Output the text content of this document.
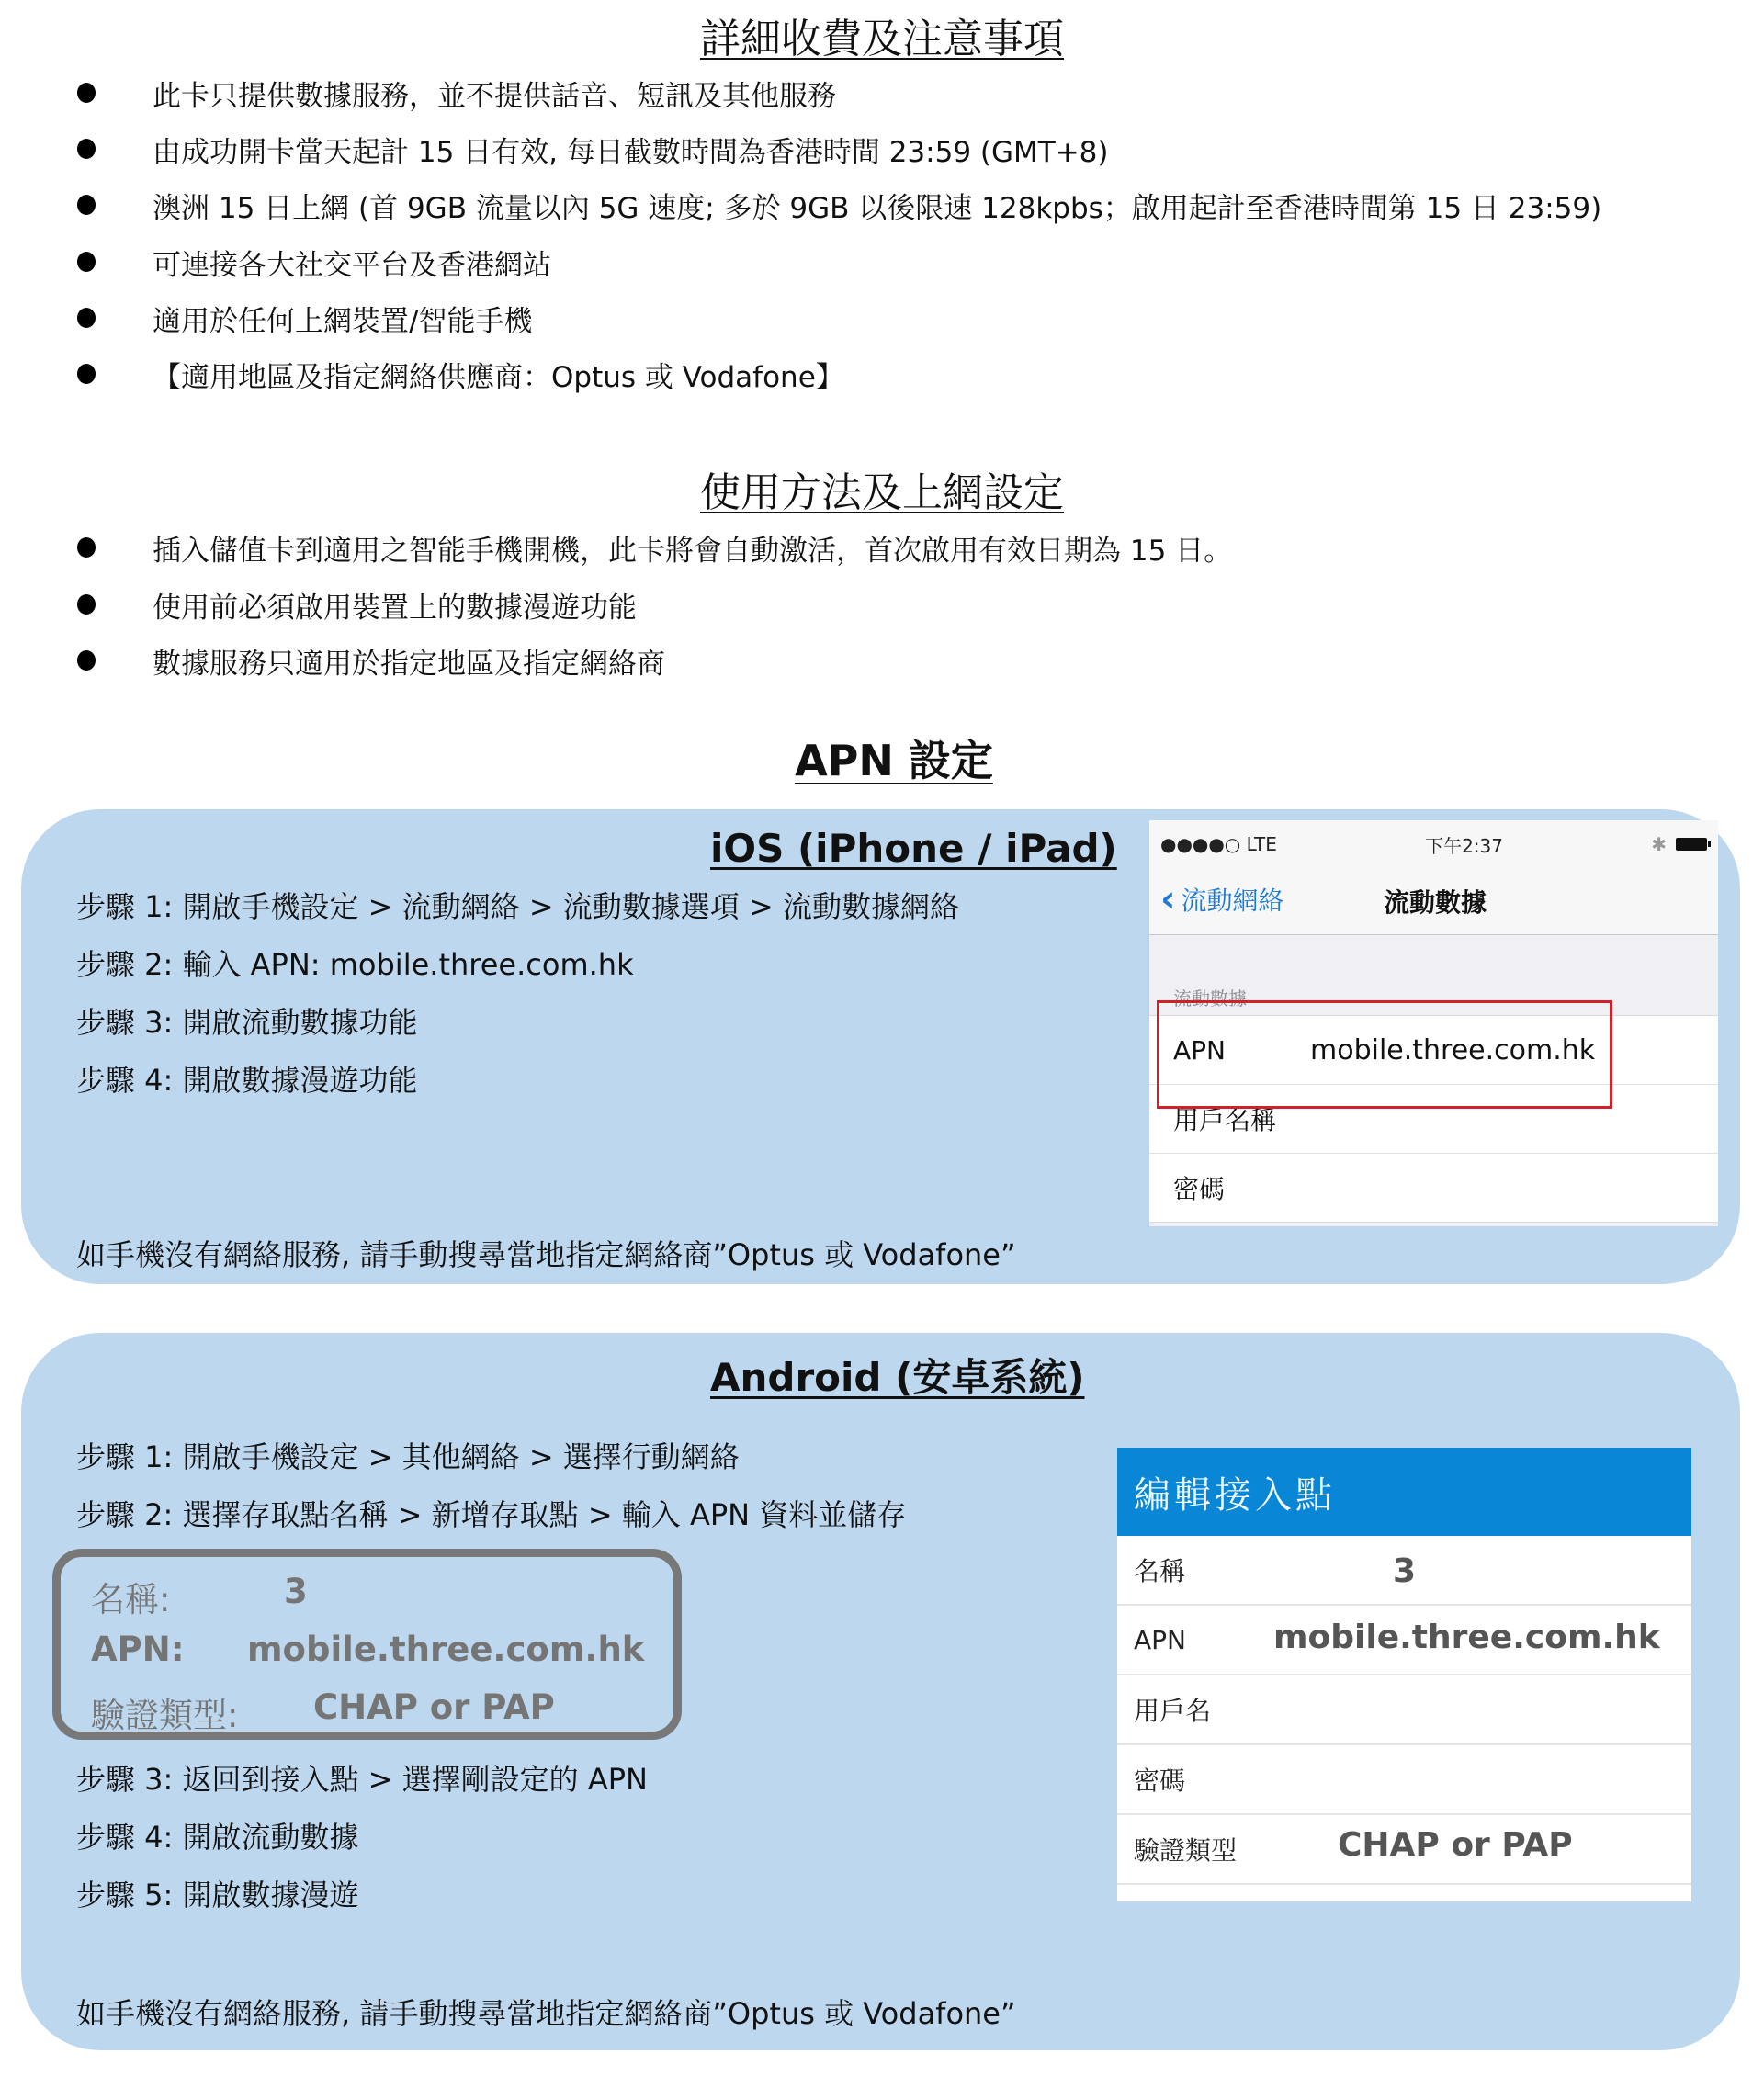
詳細收費及注意事項
此卡只提供數據服務，並不提供話音、短訊及其他服務
由成功開卡當天起計 15 日有效, 每日截數時間為香港時間 23:59 (GMT+8)
澳洲 15 日上網 (首 9GB 流量以內 5G 速度; 多於 9GB 以後限速 128kpbs；啟用起計至香港時間第 15 日 23:59)
可連接各大社交平台及香港網站
適用於任何上網裝置/智能手機
【適用地區及指定網絡供應商：Optus 或 Vodafone】
使用方法及上網設定
插入儲值卡到適用之智能手機開機，此卡將會自動激活，首次啟用有效日期為 15 日。
使用前必須啟用裝置上的數據漫遊功能
數據服務只適用於指定地區及指定網絡商
APN 設定
iOS (iPhone / iPad)
步驟 1: 開啟手機設定 > 流動網絡 > 流動數據選項 > 流動數據網絡
步驟 2: 輸入 APN: mobile.three.com.hk
步驟 3: 開啟流動數據功能
步驟 4: 開啟數據漫遊功能
如手機沒有網絡服務, 請手動搜尋當地指定網絡商”Optus 或 Vodafone”
●●●●○ LTE	下午2:37	✱
‹ 流動網絡	流動數據
流動數據
APN	mobile.three.com.hk
用戶名稱
密碼
Android (安卓系統)
步驟 1: 開啟手機設定 > 其他網絡 > 選擇行動網絡
步驟 2: 選擇存取點名稱 > 新增存取點 > 輸入 APN 資料並儲存
名稱:	3
APN: mobile.three.com.hk
驗證類型: CHAP or PAP
步驟 3: 返回到接入點 > 選擇剛設定的 APN
步驟 4: 開啟流動數據
步驟 5: 開啟數據漫遊
如手機沒有網絡服務, 請手動搜尋當地指定網絡商”Optus 或 Vodafone”
編輯接入點
名稱	3
APN	mobile.three.com.hk
用戶名
密碼
驗證類型	CHAP or PAP
